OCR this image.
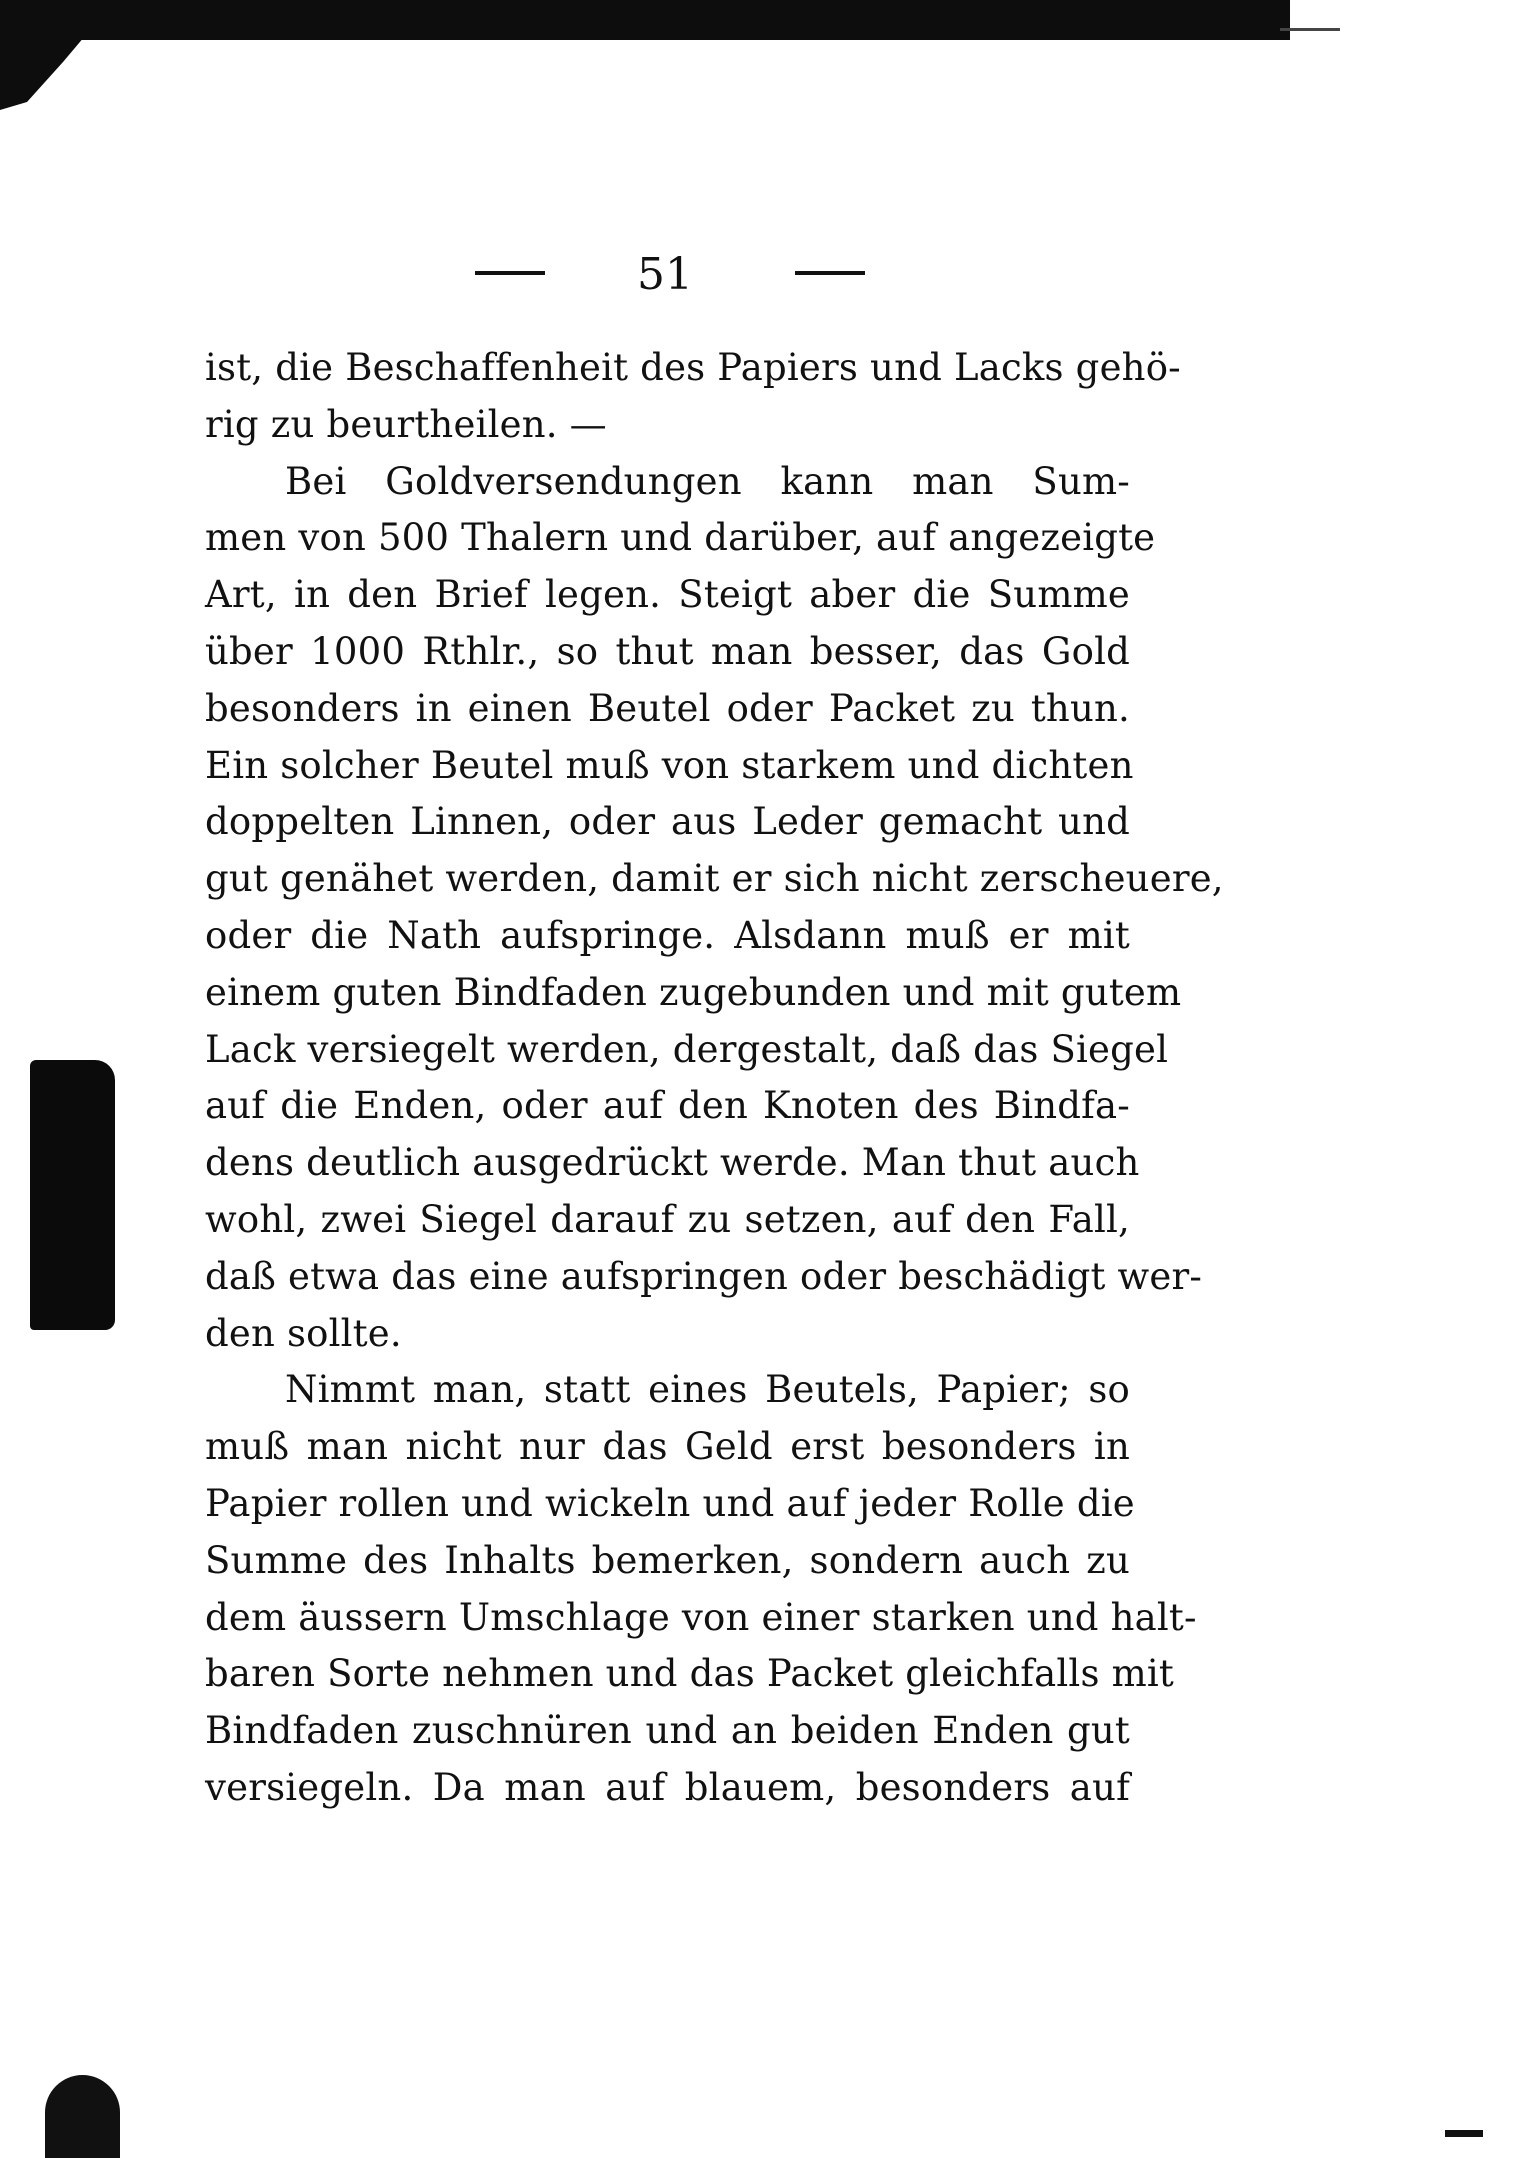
51
ist, die Beschaffenheit des Papiers und Lacks gehö-
rig zu beurtheilen. —
Bei Goldversendungen kann man Sum-
men von 500 Thalern und darüber, auf angezeigte
Art, in den Brief legen. Steigt aber die Summe
über 1000 Rthlr., so thut man besser, das Gold
besonders in einen Beutel oder Packet zu thun.
Ein solcher Beutel muß von starkem und dichten
doppelten Linnen, oder aus Leder gemacht und
gut genähet werden, damit er sich nicht zerscheuere,
oder die Nath aufspringe. Alsdann muß er mit
einem guten Bindfaden zugebunden und mit gutem
Lack versiegelt werden, dergestalt, daß das Siegel
auf die Enden, oder auf den Knoten des Bindfa-
dens deutlich ausgedrückt werde. Man thut auch
wohl, zwei Siegel darauf zu setzen, auf den Fall,
daß etwa das eine aufspringen oder beschädigt wer-
den sollte.
Nimmt man, statt eines Beutels, Papier; so
muß man nicht nur das Geld erst besonders in
Papier rollen und wickeln und auf jeder Rolle die
Summe des Inhalts bemerken, sondern auch zu
dem äussern Umschlage von einer starken und halt-
baren Sorte nehmen und das Packet gleichfalls mit
Bindfaden zuschnüren und an beiden Enden gut
versiegeln. Da man auf blauem, besonders auf
